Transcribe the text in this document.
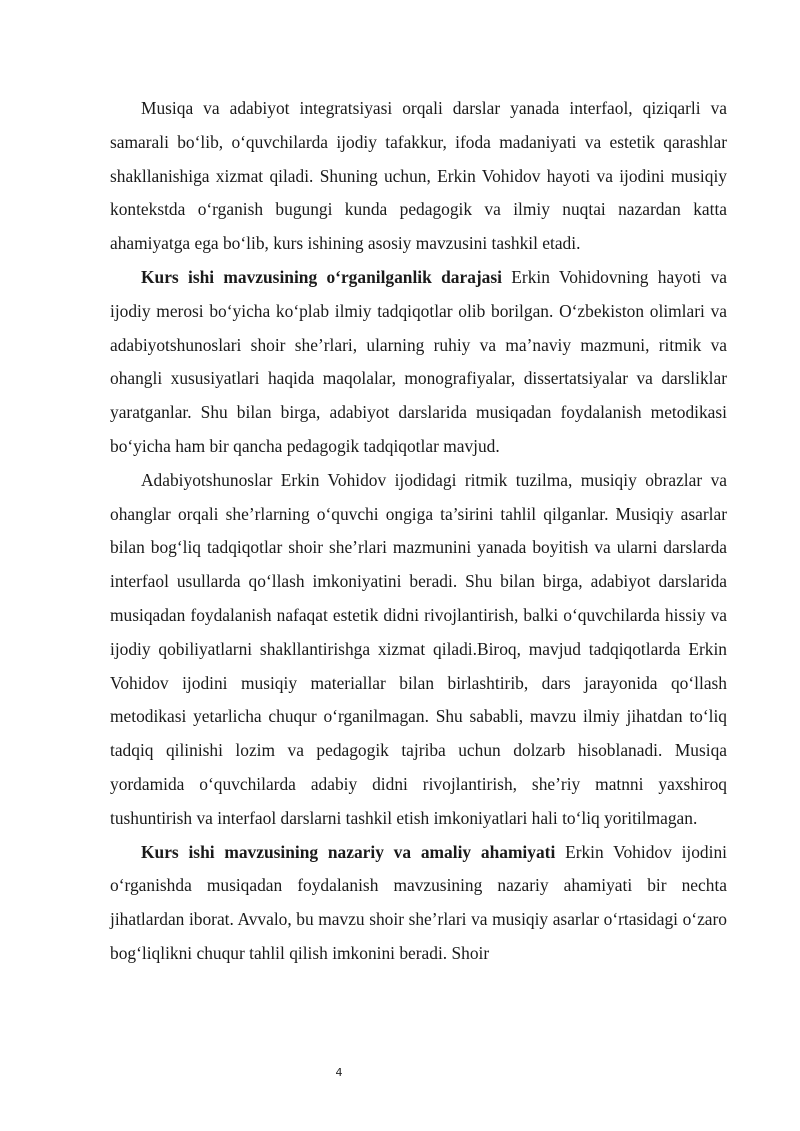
Musiqa va adabiyot integratsiyasi orqali darslar yanada interfaol, qiziqarli va samarali bo‘lib, o‘quvchilarda ijodiy tafakkur, ifoda madaniyati va estetik qarashlar shakllanishiga xizmat qiladi. Shuning uchun, Erkin Vohidov hayoti va ijodini musiqiy kontekstda o‘rganish bugungi kunda pedagogik va ilmiy nuqtai nazardan katta ahamiyatga ega bo‘lib, kurs ishining asosiy mavzusini tashkil etadi.

Kurs ishi mavzusining o‘rganilganlik darajasi Erkin Vohidovning hayoti va ijodiy merosi bo‘yicha ko‘plab ilmiy tadqiqotlar olib borilgan. O‘zbekiston olimlari va adabiyotshunoslari shoir she’rlari, ularning ruhiy va ma’naviy mazmuni, ritmik va ohangli xususiyatlari haqida maqolalar, monografiyalar, dissertatsiyalar va darsliklar yaratganlar. Shu bilan birga, adabiyot darslarida musiqadan foydalanish metodikasi bo‘yicha ham bir qancha pedagogik tadqiqotlar mavjud.

Adabiyotshunoslar Erkin Vohidov ijodidagi ritmik tuzilma, musiqiy obrazlar va ohanglar orqali she’rlarning o‘quvchi ongiga ta’sirini tahlil qilganlar. Musiqiy asarlar bilan bog‘liq tadqiqotlar shoir she’rlari mazmunini yanada boyitish va ularni darslarda interfaol usullarda qo‘llash imkoniyatini beradi. Shu bilan birga, adabiyot darslarida musiqadan foydalanish nafaqat estetik didni rivojlantirish, balki o‘quvchilarda hissiy va ijodiy qobiliyatlarni shakllantirishga xizmat qiladi.Biroq, mavjud tadqiqotlarda Erkin Vohidov ijodini musiqiy materiallar bilan birlashtirib, dars jarayonida qo‘llash metodikasi yetarlicha chuqur o‘rganilmagan. Shu sababli, mavzu ilmiy jihatdan to‘liq tadqiq qilinishi lozim va pedagogik tajriba uchun dolzarb hisoblanadi. Musiqa yordamida o‘quvchilarda adabiy didni rivojlantirish, she’riy matnni yaxshiroq tushuntirish va interfaol darslarni tashkil etish imkoniyatlari hali to‘liq yoritilmagan.

Kurs ishi mavzusining nazariy va amaliy ahamiyati Erkin Vohidov ijodini o‘rganishda musiqadan foydalanish mavzusining nazariy ahamiyati bir nechta jihatlardan iborat. Avvalo, bu mavzu shoir she’rlari va musiqiy asarlar o‘rtasidagi o‘zaro bog‘liqlikni chuqur tahlil qilish imkonini beradi. Shoir

4
